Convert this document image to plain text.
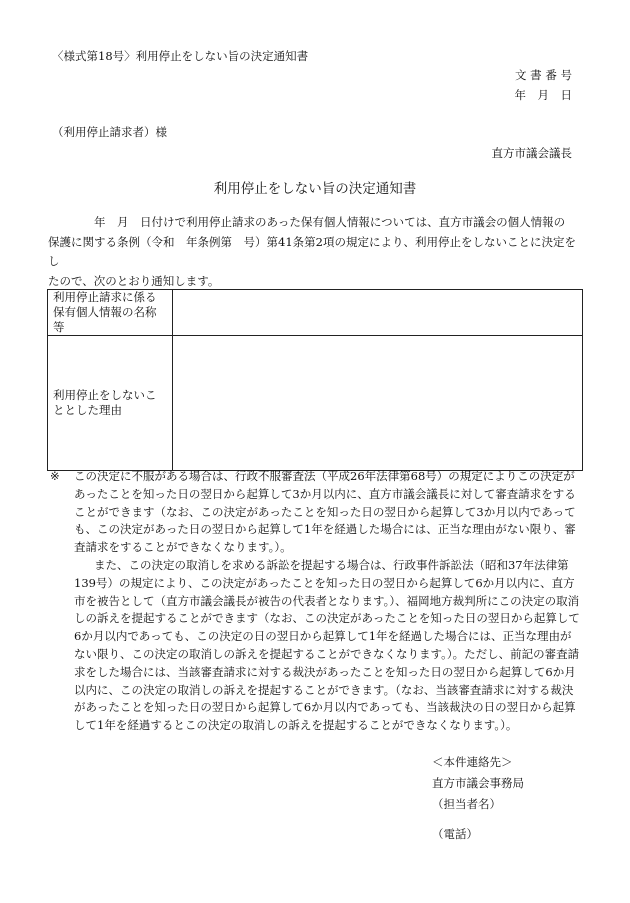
〈様式第18号〉利用停止をしない旨の決定通知書
文 書 番 号
年　月　日
（利用停止請求者）様
直方市議会議長
利用停止をしない旨の決定通知書
年　月　日付けで利用停止請求のあった保有個人情報については、直方市議会の個人情報の
保護に関する条例（令和　年条例第　号）第41条第2項の規定により、利用停止をしないことに決定をし
たので、次のとおり通知します。
利用停止請求に係る保有個人情報の名称等	
利用停止をしないこととした理由	
※ この決定に不服がある場合は、行政不服審査法（平成26年法律第68号）の規定によりこの決定があったことを知った日の翌日から起算して3か月以内に、直方市議会議長に対して審査請求をすることができます（なお、この決定があったことを知った日の翌日から起算して3か月以内であっても、この決定があった日の翌日から起算して1年を経過した場合には、正当な理由がない限り、審査請求をすることができなくなります。）。

また、この決定の取消しを求める訴訟を提起する場合は、行政事件訴訟法（昭和37年法律第139号）の規定により、この決定があったことを知った日の翌日から起算して6か月以内に、直方市を被告として（直方市議会議長が被告の代表者となります。）、福岡地方裁判所にこの決定の取消しの訴えを提起することができます（なお、この決定があったことを知った日の翌日から起算して6か月以内であっても、この決定の日の翌日から起算して1年を経過した場合には、正当な理由がない限り、この決定の取消しの訴えを提起することができなくなります。）。ただし、前記の審査請求をした場合には、当該審査請求に対する裁決があったことを知った日の翌日から起算して6か月以内に、この決定の取消しの訴えを提起することができます。（なお、当該審査請求に対する裁決があったことを知った日の翌日から起算して6か月以内であっても、当該裁決の日の翌日から起算して1年を経過するとこの決定の取消しの訴えを提起することができなくなります。）。

＜本件連絡先＞
直方市議会事務局
（担当者名）
（電話）
